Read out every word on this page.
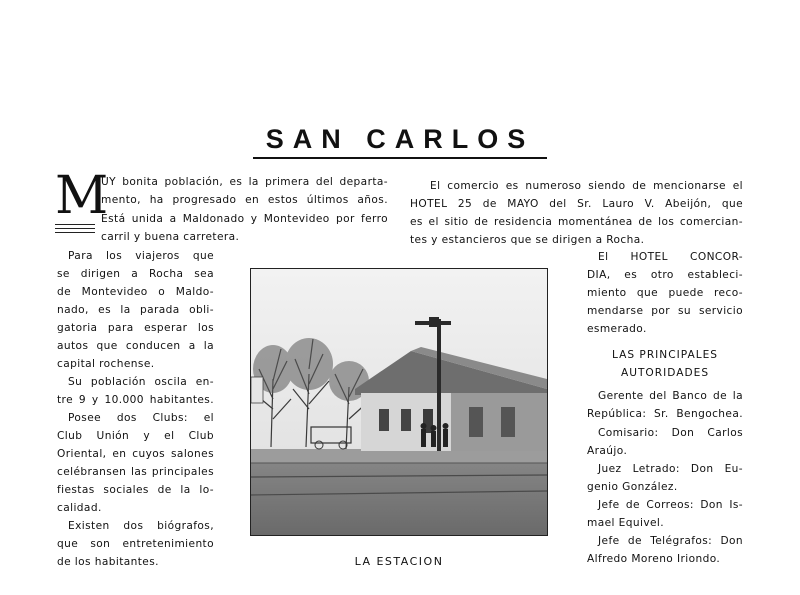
SAN CARLOS
M
UY bonita población, es la primera del departa-
mento, ha progresado en estos últimos años.
Está unida a Maldonado y Montevideo por ferro
carril y buena carretera.
Para los viajeros que
se dirigen a Rocha sea
de Montevideo o Maldo-
nado, es la parada obli-
gatoria para esperar los
autos que conducen a la
capital rochense.
Su población oscila en-
tre 9 y 10.000 habitantes.
Posee dos Clubs: el
Club Unión y el Club
Oriental, en cuyos salones
celébransen las principales
fiestas sociales de la lo-
calidad.
Existen dos biógrafos,
que son entretenimiento
de los habitantes.
El comercio es numeroso siendo de mencionarse el
HOTEL 25 de MAYO del Sr. Lauro V. Abeijón, que
es el sitio de residencia momentánea de los comercian-
tes y estancieros que se dirigen a Rocha.
El HOTEL CONCOR-
DIA, es otro estableci-
miento que puede reco-
mendarse por su servicio
esmerado.
LAS PRINCIPALES
AUTORIDADES
Gerente del Banco de la
República: Sr. Bengochea.
Comisario: Don Carlos
Araújo.
Juez Letrado: Don Eu-
genio González.
Jefe de Correos: Don Is-
mael Equivel.
Jefe de Telégrafos: Don
Alfredo Moreno Iriondo.
LA ESTACION
